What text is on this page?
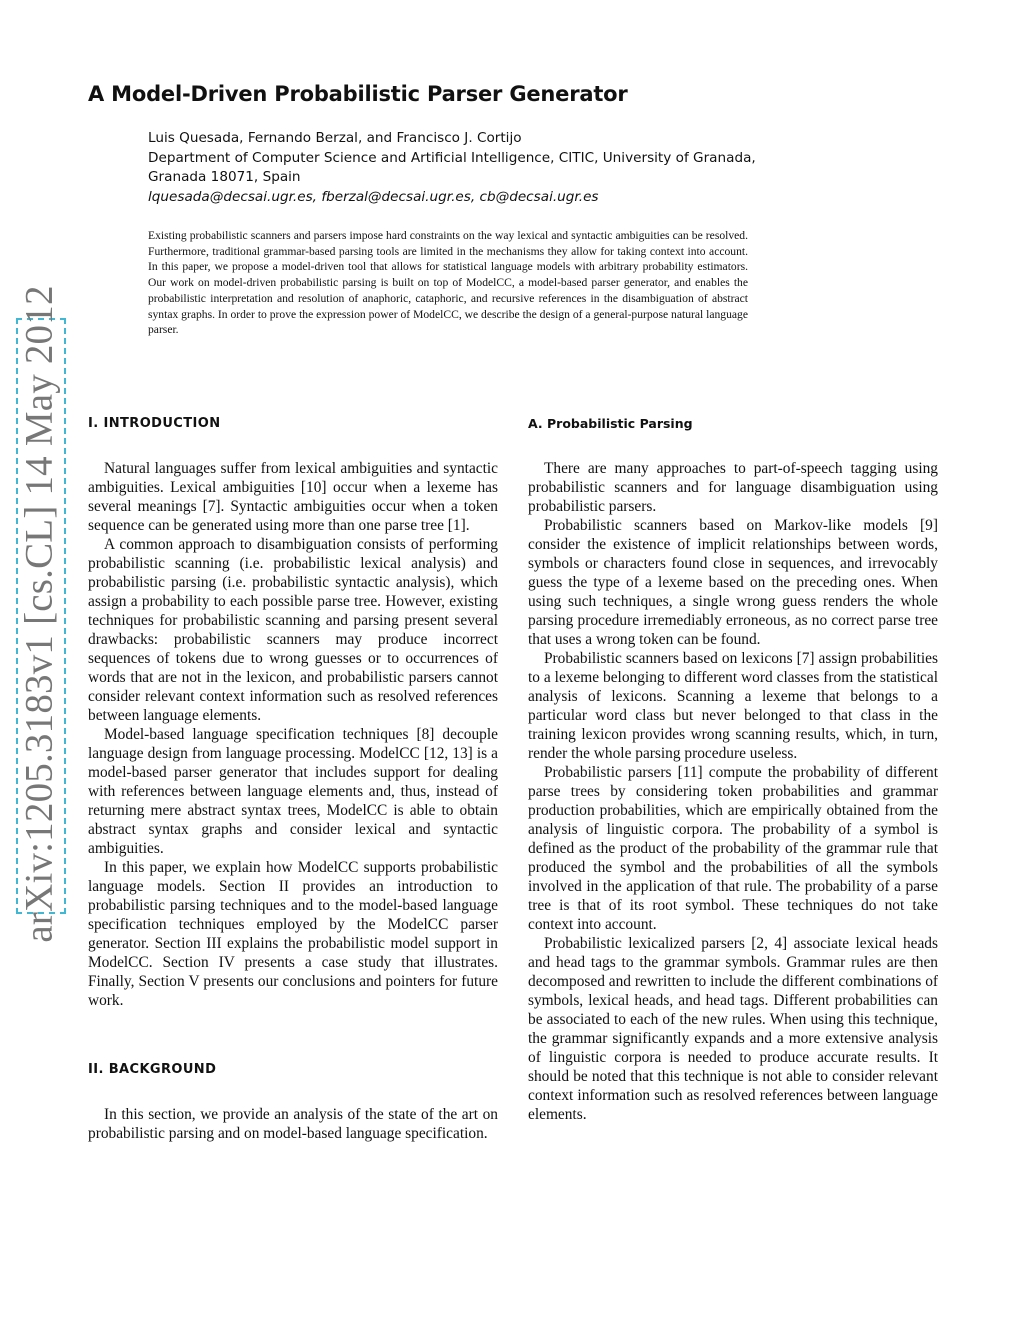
arXiv:1205.3183v1 [cs.CL] 14 May 2012
A Model-Driven Probabilistic Parser Generator
Luis Quesada, Fernando Berzal, and Francisco J. Cortijo
Department of Computer Science and Artificial Intelligence, CITIC, University of Granada,
Granada 18071, Spain
lquesada@decsai.ugr.es, fberzal@decsai.ugr.es, cb@decsai.ugr.es

Existing probabilistic scanners and parsers impose hard constraints on the way lexical and syntactic ambiguities can be resolved. Furthermore, traditional grammar-based parsing tools are limited in the mechanisms they allow for taking context into account. In this paper, we propose a model-driven tool that allows for statistical language models with arbitrary probability estimators. Our work on model-driven probabilistic parsing is built on top of ModelCC, a model-based parser generator, and enables the probabilistic interpretation and resolution of anaphoric, cataphoric, and recursive references in the disambiguation of abstract syntax graphs. In order to prove the expression power of ModelCC, we describe the design of a general-purpose natural language parser.

I. INTRODUCTION

Natural languages suffer from lexical ambiguities and syntactic ambiguities. Lexical ambiguities [10] occur when a lexeme has several meanings [7]. Syntactic ambiguities occur when a token sequence can be generated using more than one parse tree [1].

A common approach to disambiguation consists of performing probabilistic scanning (i.e. probabilistic lexical analysis) and probabilistic parsing (i.e. probabilistic syntactic analysis), which assign a probability to each possible parse tree. However, existing techniques for probabilistic scanning and parsing present several drawbacks: probabilistic scanners may produce incorrect sequences of tokens due to wrong guesses or to occurrences of words that are not in the lexicon, and probabilistic parsers cannot consider relevant context information such as resolved references between language elements.

Model-based language specification techniques [8] decouple language design from language processing. ModelCC [12, 13] is a model-based parser generator that includes support for dealing with references between language elements and, thus, instead of returning mere abstract syntax trees, ModelCC is able to obtain abstract syntax graphs and consider lexical and syntactic ambiguities.

In this paper, we explain how ModelCC supports probabilistic language models. Section II provides an introduction to probabilistic parsing techniques and to the model-based language specification techniques employed by the ModelCC parser generator. Section III explains the probabilistic model support in ModelCC. Section IV presents a case study that illustrates. Finally, Section V presents our conclusions and pointers for future work.

II. BACKGROUND

In this section, we provide an analysis of the state of the art on probabilistic parsing and on model-based language specification.

A. Probabilistic Parsing

There are many approaches to part-of-speech tagging using probabilistic scanners and for language disambiguation using probabilistic parsers.

Probabilistic scanners based on Markov-like models [9] consider the existence of implicit relationships between words, symbols or characters found close in sequences, and irrevocably guess the type of a lexeme based on the preceding ones. When using such techniques, a single wrong guess renders the whole parsing procedure irremediably erroneous, as no correct parse tree that uses a wrong token can be found.

Probabilistic scanners based on lexicons [7] assign probabilities to a lexeme belonging to different word classes from the statistical analysis of lexicons. Scanning a lexeme that belongs to a particular word class but never belonged to that class in the training lexicon provides wrong scanning results, which, in turn, render the whole parsing procedure useless.

Probabilistic parsers [11] compute the probability of different parse trees by considering token probabilities and grammar production probabilities, which are empirically obtained from the analysis of linguistic corpora. The probability of a symbol is defined as the product of the probability of the grammar rule that produced the symbol and the probabilities of all the symbols involved in the application of that rule. The probability of a parse tree is that of its root symbol. These techniques do not take context into account.

Probabilistic lexicalized parsers [2, 4] associate lexical heads and head tags to the grammar symbols. Grammar rules are then decomposed and rewritten to include the different combinations of symbols, lexical heads, and head tags. Different probabilities can be associated to each of the new rules. When using this technique, the grammar significantly expands and a more extensive analysis of linguistic corpora is needed to produce accurate results. It should be noted that this technique is not able to consider relevant context information such as resolved references between language elements.
